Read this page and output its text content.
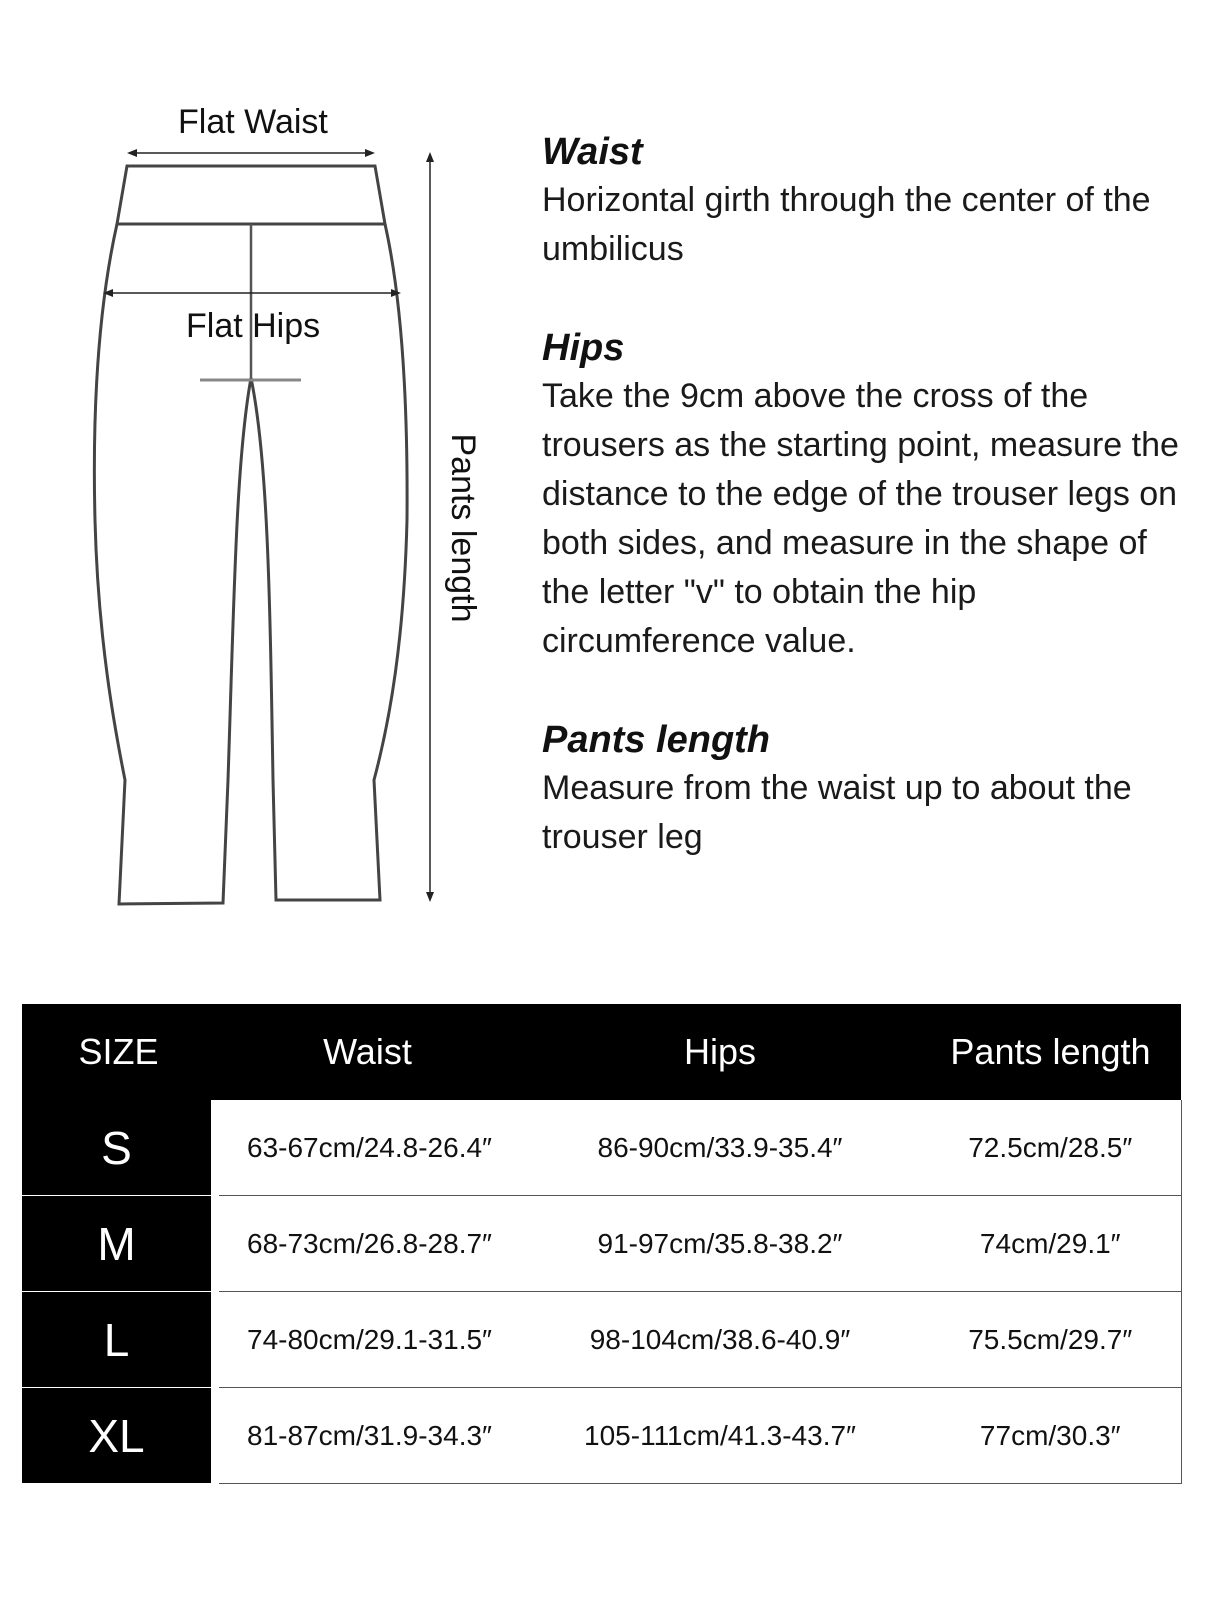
Flat Waist
Flat Hips
Pants length

Waist

Horizontal girth through the center of the umbilicus

Hips

Take the 9cm above the cross of the trousers as the starting point, measure the distance to the edge of the trouser legs on both sides, and measure in the shape of the letter "v" to obtain the hip circumference value.

Pants length

Measure from the waist up to about the trouser leg

SIZE	Waist	Hips	Pants length
S	63-67cm/24.8-26.4″	86-90cm/33.9-35.4″	72.5cm/28.5″
M	68-73cm/26.8-28.7″	91-97cm/35.8-38.2″	74cm/29.1″
L	74-80cm/29.1-31.5″	98-104cm/38.6-40.9″	75.5cm/29.7″
XL	81-87cm/31.9-34.3″	105-111cm/41.3-43.7″	77cm/30.3″
